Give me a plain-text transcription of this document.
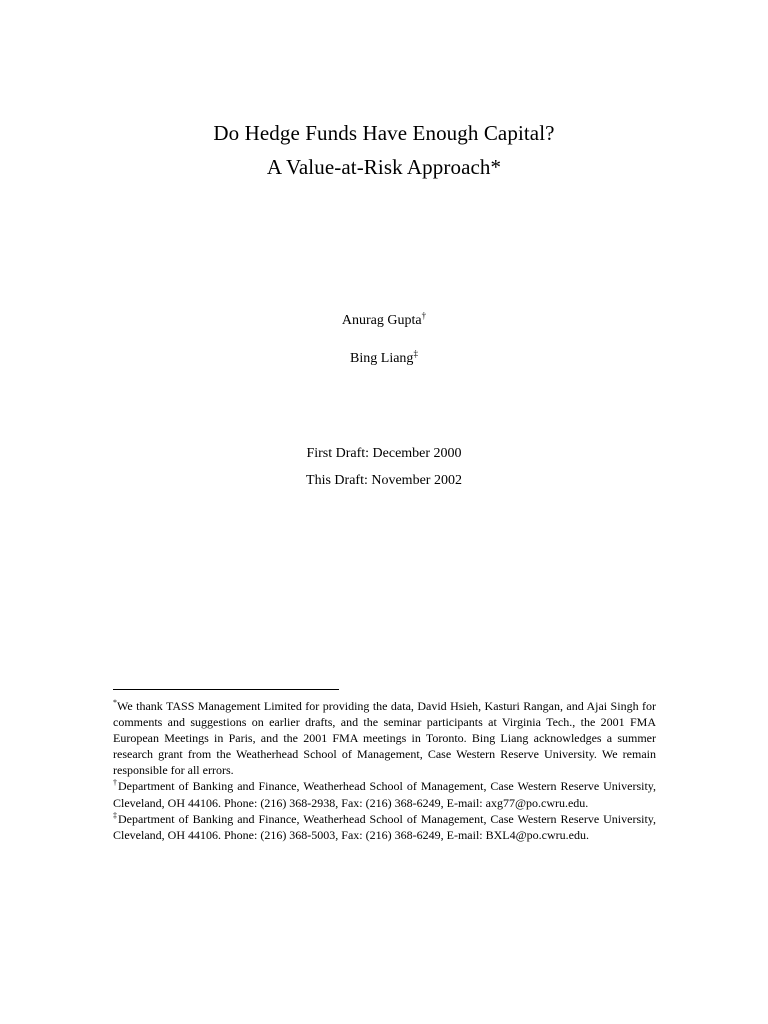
Do Hedge Funds Have Enough Capital?
A Value-at-Risk Approach*
Anurag Gupta†
Bing Liang‡
First Draft: December 2000
This Draft: November 2002

*We thank TASS Management Limited for providing the data, David Hsieh, Kasturi Rangan, and Ajai Singh for comments and suggestions on earlier drafts, and the seminar participants at Virginia Tech., the 2001 FMA European Meetings in Paris, and the 2001 FMA meetings in Toronto. Bing Liang acknowledges a summer research grant from the Weatherhead School of Management, Case Western Reserve University. We remain responsible for all errors.

†Department of Banking and Finance, Weatherhead School of Management, Case Western Reserve University, Cleveland, OH 44106. Phone: (216) 368-2938, Fax: (216) 368-6249, E-mail: axg77@po.cwru.edu.

‡Department of Banking and Finance, Weatherhead School of Management, Case Western Reserve University, Cleveland, OH 44106. Phone: (216) 368-5003, Fax: (216) 368-6249, E-mail: BXL4@po.cwru.edu.
